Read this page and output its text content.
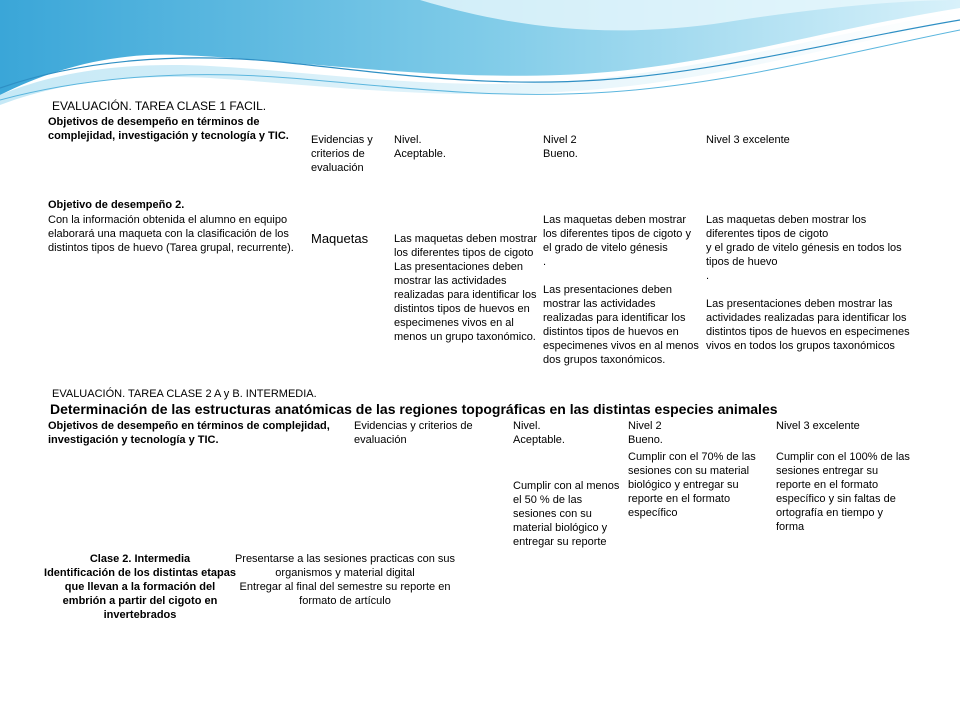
EVALUACIÓN. TAREA CLASE 1 FACIL.
Objetivos de desempeño en términos de complejidad, investigación y tecnología y TIC.	Evidencias y criterios de evaluación
Nivel.
Aceptable.
Nivel 2
Bueno.
Nivel 3 excelente
Objetivo de desempeño 2.
Con la información obtenida el alumno en equipo elaborará una maqueta con la clasificación de los distintos tipos de huevo (Tarea grupal, recurrente).
Maquetas Las maquetas deben mostrar los diferentes tipos de cigoto
Las presentaciones deben mostrar las actividades realizadas para identificar los distintos tipos de huevos en especimenes vivos en al menos un grupo taxonómico.
Las maquetas deben mostrar los diferentes tipos de cigoto y el grado de vitelo génesis
.

Las presentaciones deben mostrar las actividades realizadas para identificar los distintos tipos de huevos en especimenes vivos en al menos dos grupos taxonómicos.
Las maquetas deben mostrar los diferentes tipos de cigoto
y el grado de vitelo génesis en todos los tipos de huevo
.

Las presentaciones deben mostrar las actividades realizadas para identificar los distintos tipos de huevos en especimenes vivos en todos los grupos taxonómicos
EVALUACIÓN. TAREA CLASE 2 A y B. INTERMEDIA.
Determinación de las estructuras anatómicas de las regiones topográficas en las distintas especies animales
Objetivos de desempeño en términos de complejidad, investigación y tecnología y TIC.
Evidencias y criterios de evaluación
Nivel.
Aceptable.
Nivel 2
Bueno.
Nivel 3 excelente
Cumplir con al menos el 50 % de las sesiones con su material biológico y entregar su reporte
Cumplir con el 70% de las sesiones con su material biológico y entregar su reporte en el formato específico
Cumplir con el 100% de las sesiones entregar su reporte en el formato específico y sin faltas de ortografía en tiempo y forma
Clase 2. Intermedia
Identificación de los distintas etapas que llevan a la formación del embrión a partir del cigoto en invertebrados
Presentarse a las sesiones practicas con sus organismos y material digital
Entregar al final del semestre su reporte en formato de artículo
